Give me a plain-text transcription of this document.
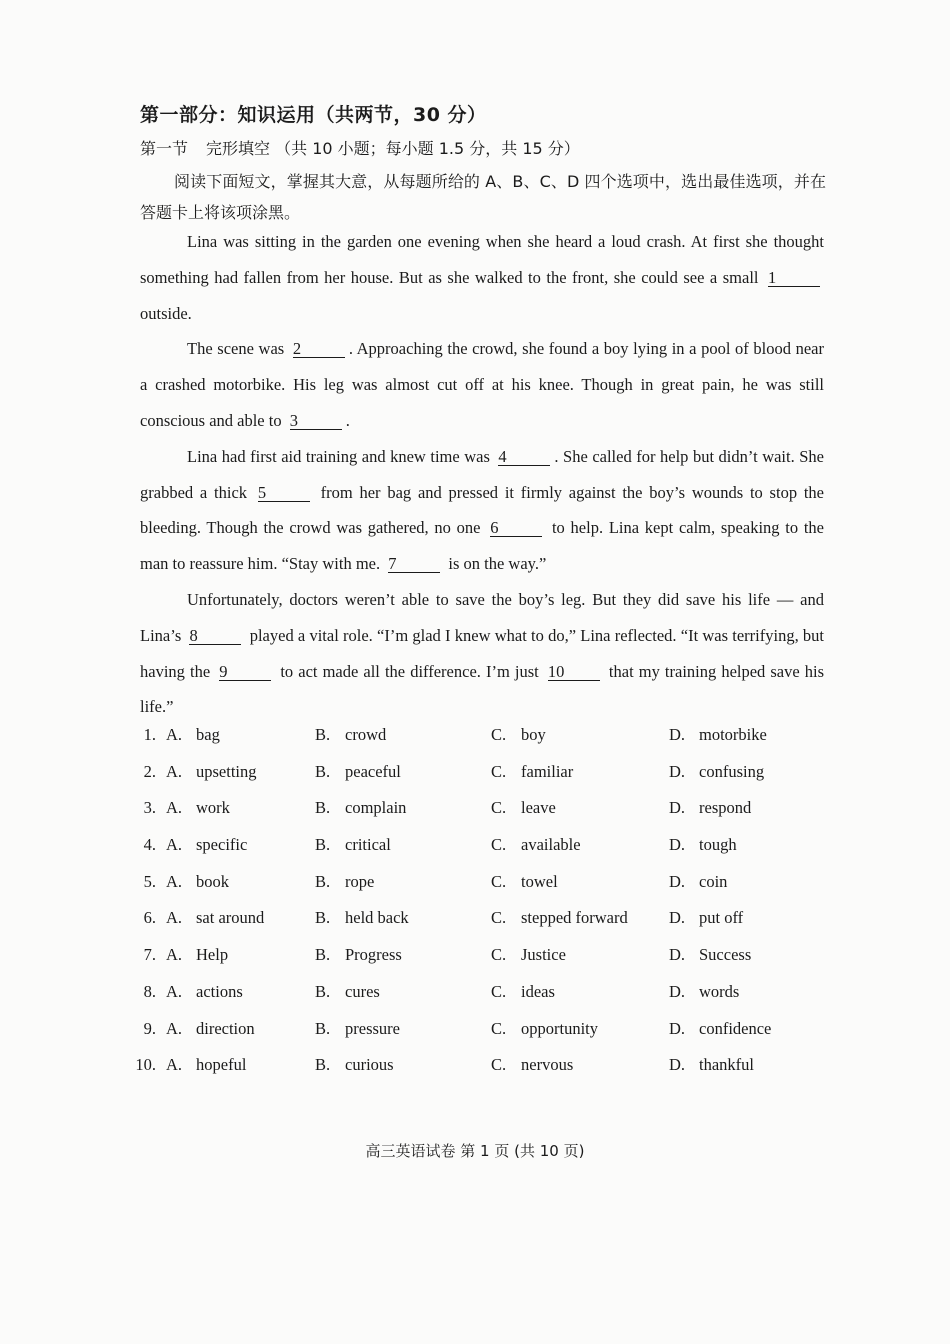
第一部分：知识运用（共两节，30 分）
第一节 完形填空 （共 10 小题；每小题 1.5 分，共 15 分）
阅读下面短文，掌握其大意，从每题所给的 A、B、C、D 四个选项中，选出最佳选项，并在答题卡上将该项涂黑。

Lina was sitting in the garden one evening when she heard a loud crash. At first she thought something had fallen from her house. But as she walked to the front, she could see a small 1 outside.

The scene was 2	. Approaching the crowd, she found a boy lying in a pool of blood near a crashed motorbike. His leg was almost cut off at his knee. Though in great pain, he was still conscious and able to 3	.

Lina had first aid training and knew time was 4	. She called for help but didn’t wait. She grabbed a thick 5	from her bag and pressed it firmly against the boy’s wounds to stop the bleeding. Though the crowd was gathered, no one 6	to help. Lina kept calm, speaking to the man to reassure him. “Stay with me. 7	is on the way.”

Unfortunately, doctors weren’t able to save the boy’s leg. But they did save his life — and Lina’s 8	played a vital role. “I’m glad I knew what to do,” Lina reflected. “It was terrifying, but having the 9	to act made all the difference. I’m just 10	that my training helped save his life.”

1. A. bag	B. crowd	C. boy	D. motorbike
2. A. upsetting	B. peaceful	C. familiar	D. confusing
3. A. work	B. complain	C. leave	D. respond
4. A. specific	B. critical	C. available	D. tough
5. A. book	B. rope	C. towel	D. coin
6. A. sat around	B. held back	C. stepped forward D. put off
7. A. Help	B. Progress	C. Justice	D. Success
8. A. actions	B. cures	C. ideas	D. words
9. A. direction	B. pressure	C. opportunity	D. confidence
10. A. hopeful	B. curious	C. nervous	D. thankful
高三英语试卷 第 1 页 (共 10 页)
